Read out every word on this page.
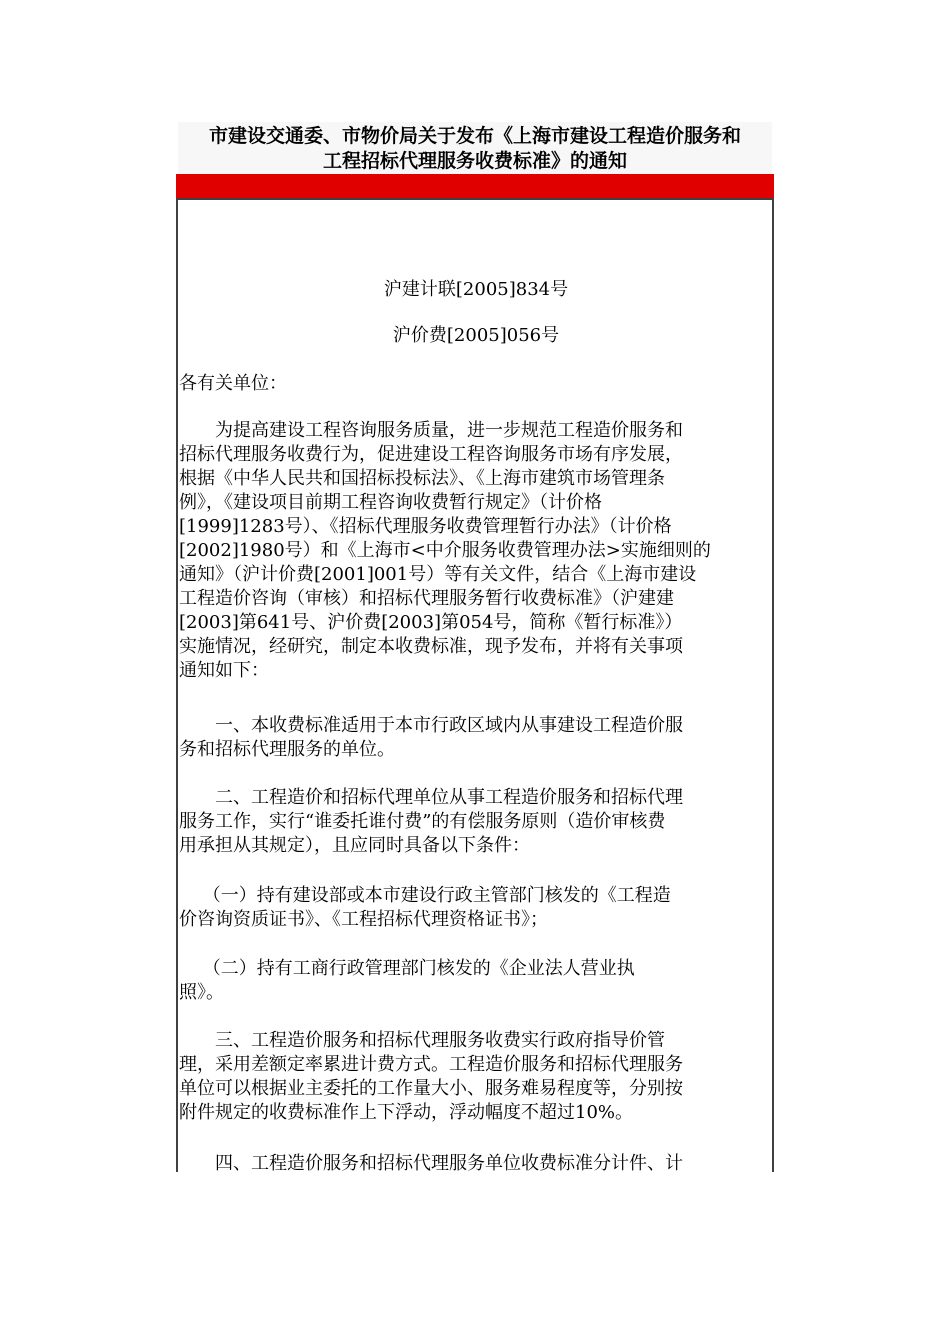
市建设交通委、市物价局关于发布《上海市建设工程造价服务和
工程招标代理服务收费标准》的通知
沪建计联[2005]834号
沪价费[2005]056号
各有关单位：
　　为提高建设工程咨询服务质量，进一步规范工程造价服务和
招标代理服务收费行为，促进建设工程咨询服务市场有序发展，
根据《中华人民共和国招标投标法》、《上海市建筑市场管理条
例》，《建设项目前期工程咨询收费暂行规定》（计价格
[1999]1283号）、《招标代理服务收费管理暂行办法》（计价格
[2002]1980号）和《上海市<中介服务收费管理办法>实施细则的
通知》（沪计价费[2001]001号）等有关文件，结合《上海市建设
工程造价咨询（审核）和招标代理服务暂行收费标准》（沪建建
[2003]第641号、沪价费[2003]第054号，简称《暂行标准》）
实施情况，经研究，制定本收费标准，现予发布，并将有关事项
通知如下：
　　一、本收费标准适用于本市行政区域内从事建设工程造价服
务和招标代理服务的单位。
　　二、工程造价和招标代理单位从事工程造价服务和招标代理
服务工作，实行“谁委托谁付费”的有偿服务原则（造价审核费
用承担从其规定），且应同时具备以下条件：
　 （一）持有建设部或本市建设行政主管部门核发的《工程造
价咨询资质证书》、《工程招标代理资格证书》；
　 （二）持有工商行政管理部门核发的《企业法人营业执
照》。
　　三、工程造价服务和招标代理服务收费实行政府指导价管
理，采用差额定率累进计费方式。工程造价服务和招标代理服务
单位可以根据业主委托的工作量大小、服务难易程度等，分别按
附件规定的收费标准作上下浮动，浮动幅度不超过10%。
　　四、工程造价服务和招标代理服务单位收费标准分计件、计
